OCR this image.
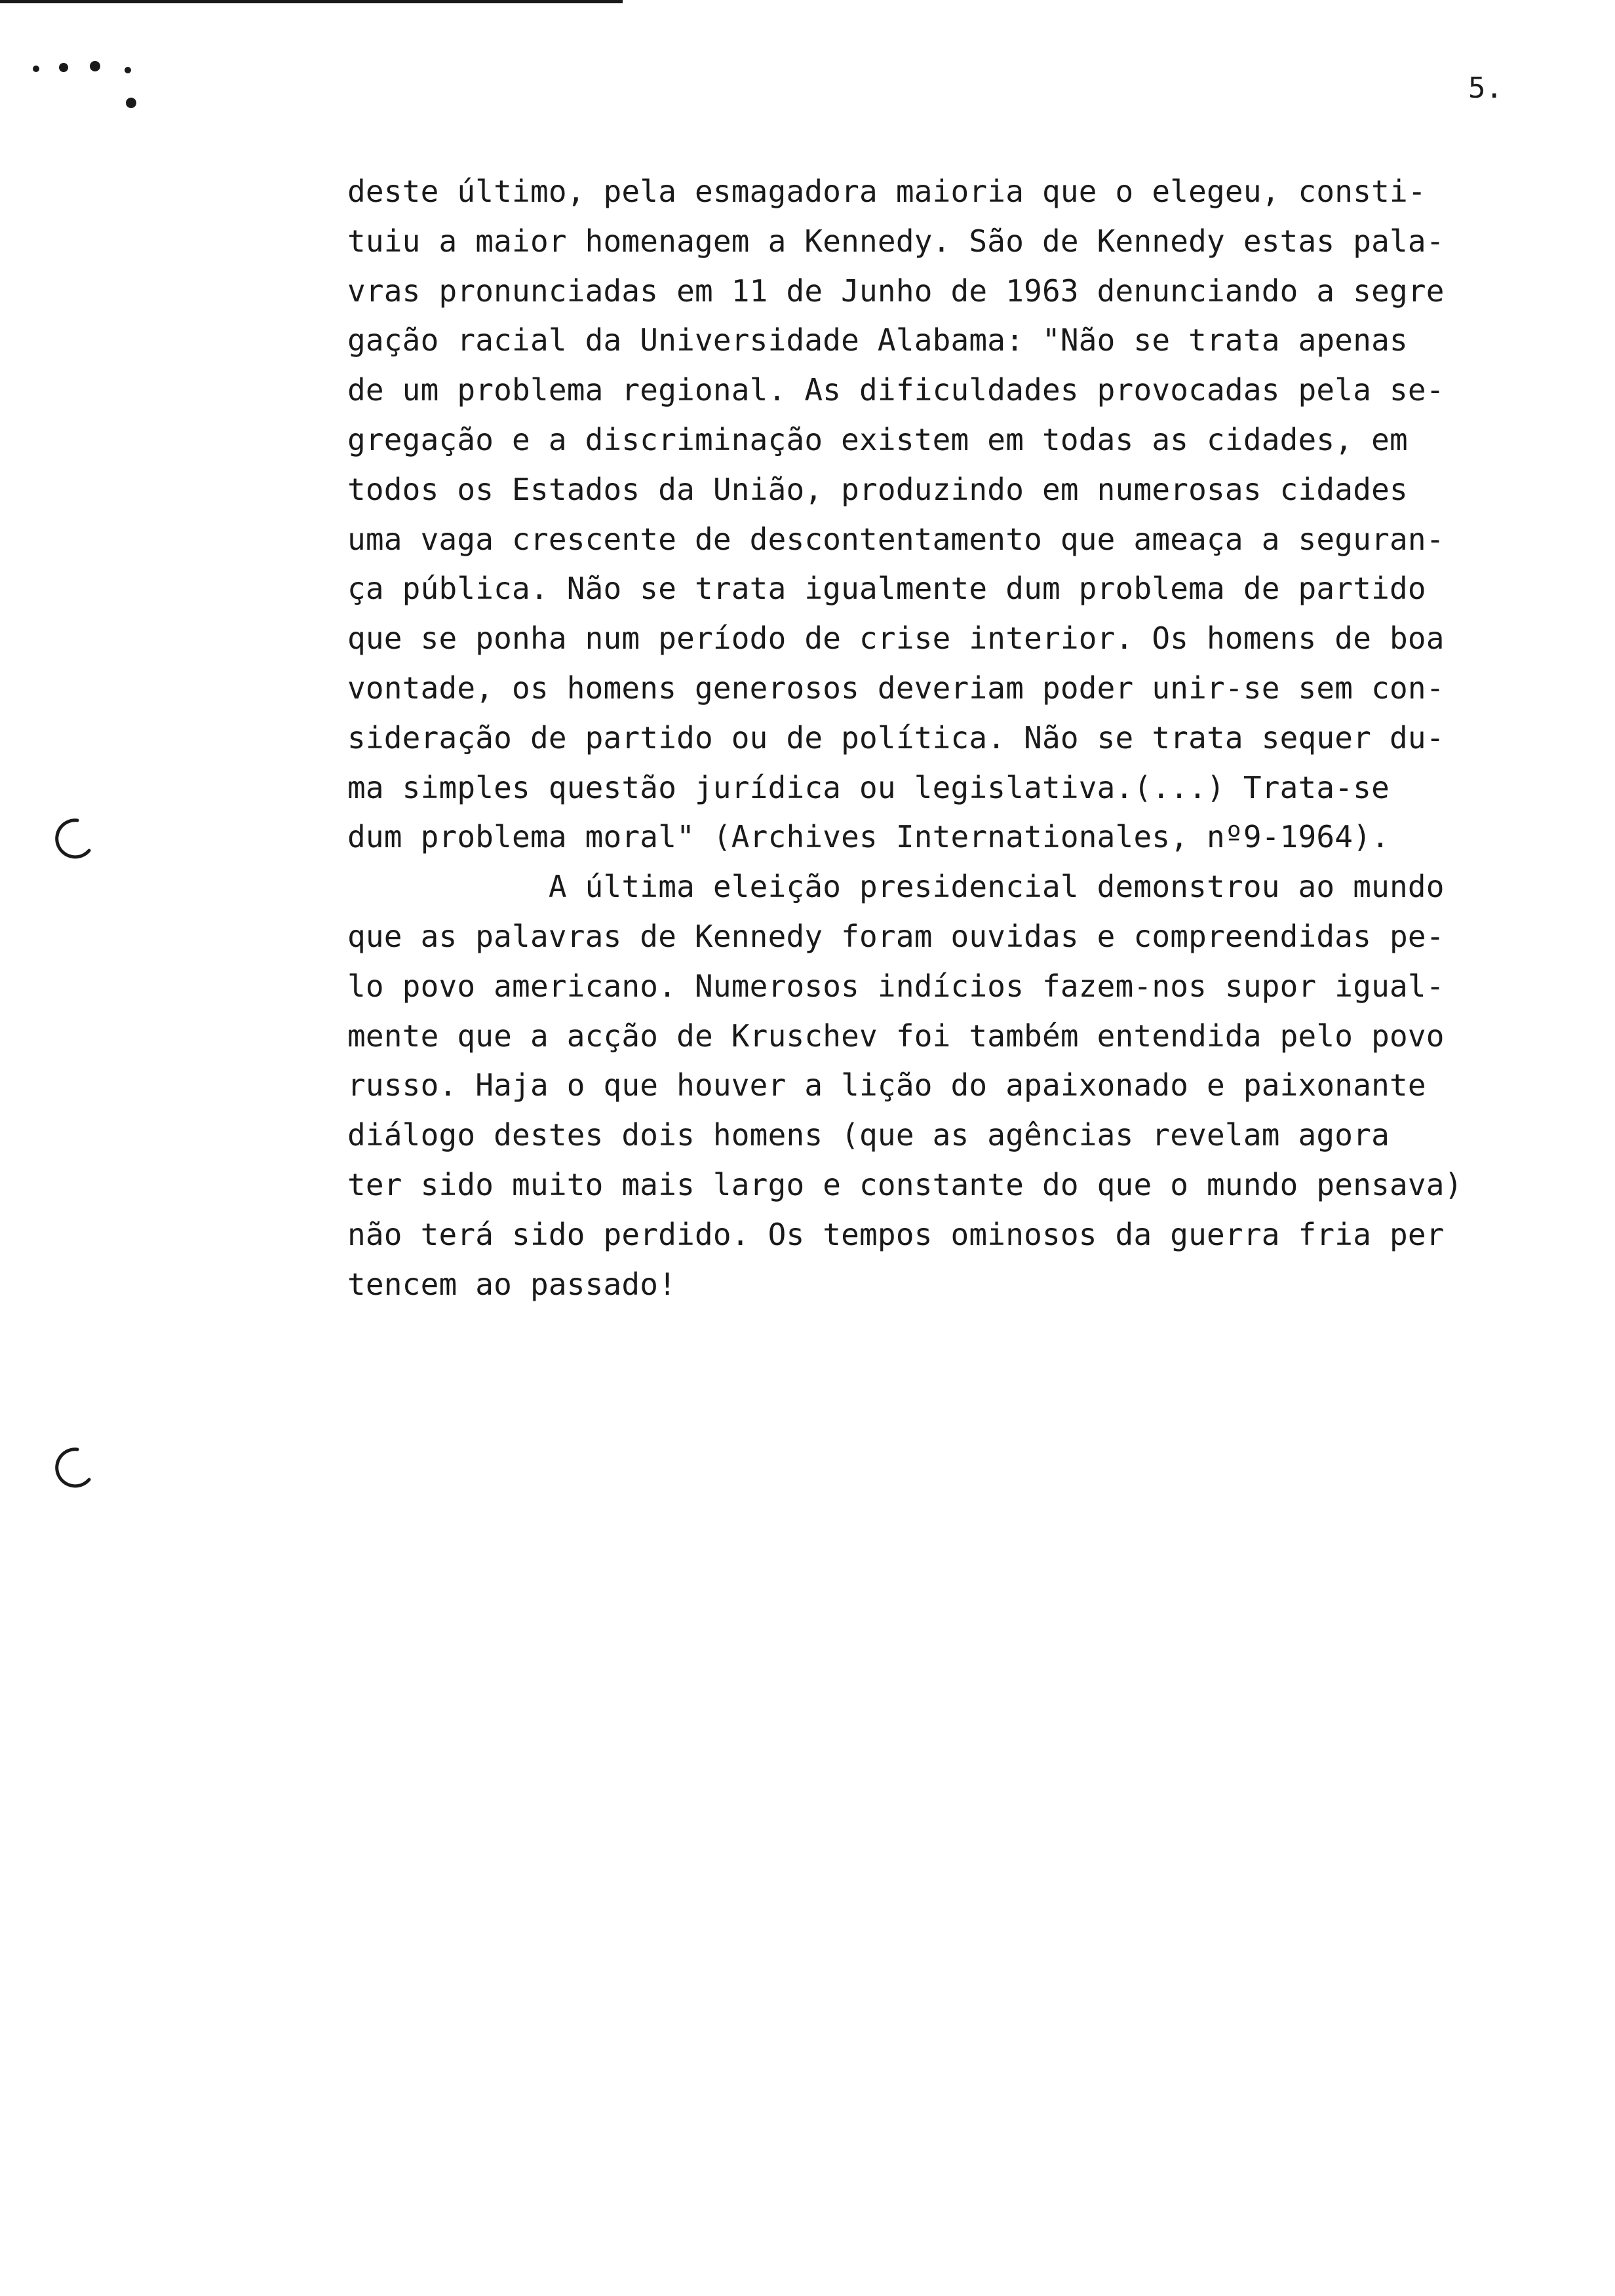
5.
deste último, pela esmagadora maioria que o elegeu, consti-
tuiu a maior homenagem a Kennedy. São de Kennedy estas pala-
vras pronunciadas em 11 de Junho de 1963 denunciando a segre
gação racial da Universidade Alabama: "Não se trata apenas
de um problema regional. As dificuldades provocadas pela se-
gregação e a discriminação existem em todas as cidades, em
todos os Estados da União, produzindo em numerosas cidades
uma vaga crescente de descontentamento que ameaça a seguran-
ça pública. Não se trata igualmente dum problema de partido
que se ponha num período de crise interior. Os homens de boa
vontade, os homens generosos deveriam poder unir-se sem con-
sideração de partido ou de política. Não se trata sequer du-
ma simples questão jurídica ou legislativa.(...) Trata-se
dum problema moral" (Archives Internationales, nº9-1964).
A última eleição presidencial demonstrou ao mundo
que as palavras de Kennedy foram ouvidas e compreendidas pe-
lo povo americano. Numerosos indícios fazem-nos supor igual-
mente que a acção de Kruschev foi também entendida pelo povo
russo. Haja o que houver a lição do apaixonado e paixonante
diálogo destes dois homens (que as agências revelam agora
ter sido muito mais largo e constante do que o mundo pensava)
não terá sido perdido. Os tempos ominosos da guerra fria per
tencem ao passado!
